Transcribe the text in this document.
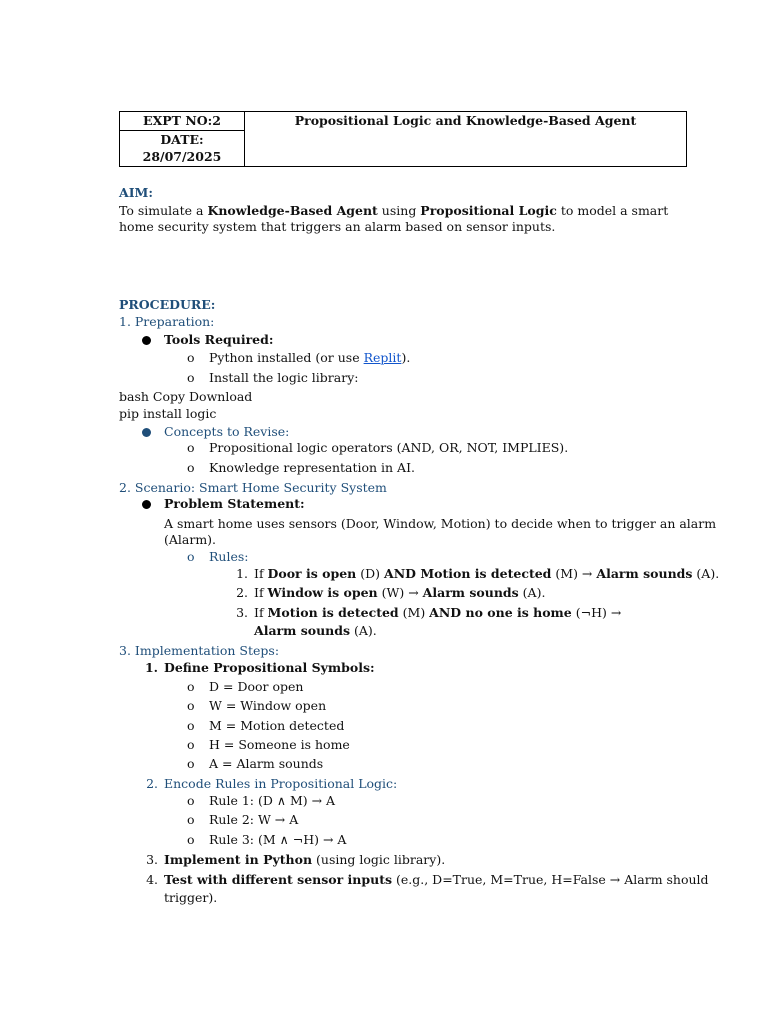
EXPT NO:2	Propositional Logic and Knowledge-Based Agent

DATE:
28/07/2025
AIM:
To simulate a Knowledge-Based Agent using Propositional Logic to model a smart
home security system that triggers an alarm based on sensor inputs.
PROCEDURE:
1. Preparation:
Tools Required:
o Python installed (or use Replit).
o Install the logic library:
bash Copy Download
pip install logic
Concepts to Revise:
o Propositional logic operators (AND, OR, NOT, IMPLIES).
o Knowledge representation in AI.
2. Scenario: Smart Home Security System
Problem Statement:
A smart home uses sensors (Door, Window, Motion) to decide when to trigger an alarm
(Alarm).
o Rules:
1. If Door is open (D) AND Motion is detected (M) → Alarm sounds (A).
2. If Window is open (W) → Alarm sounds (A).
3. If Motion is detected (M) AND no one is home (¬H) →
Alarm sounds (A).
3. Implementation Steps:
1. Define Propositional Symbols:
o D = Door open
o W = Window open
o M = Motion detected
o H = Someone is home
o A = Alarm sounds
2. Encode Rules in Propositional Logic:
o Rule 1: (D ∧ M) → A
o Rule 2: W → A
o Rule 3: (M ∧ ¬H) → A
3. Implement in Python (using logic library).
4. Test with different sensor inputs (e.g., D=True, M=True, H=False → Alarm should
trigger).
